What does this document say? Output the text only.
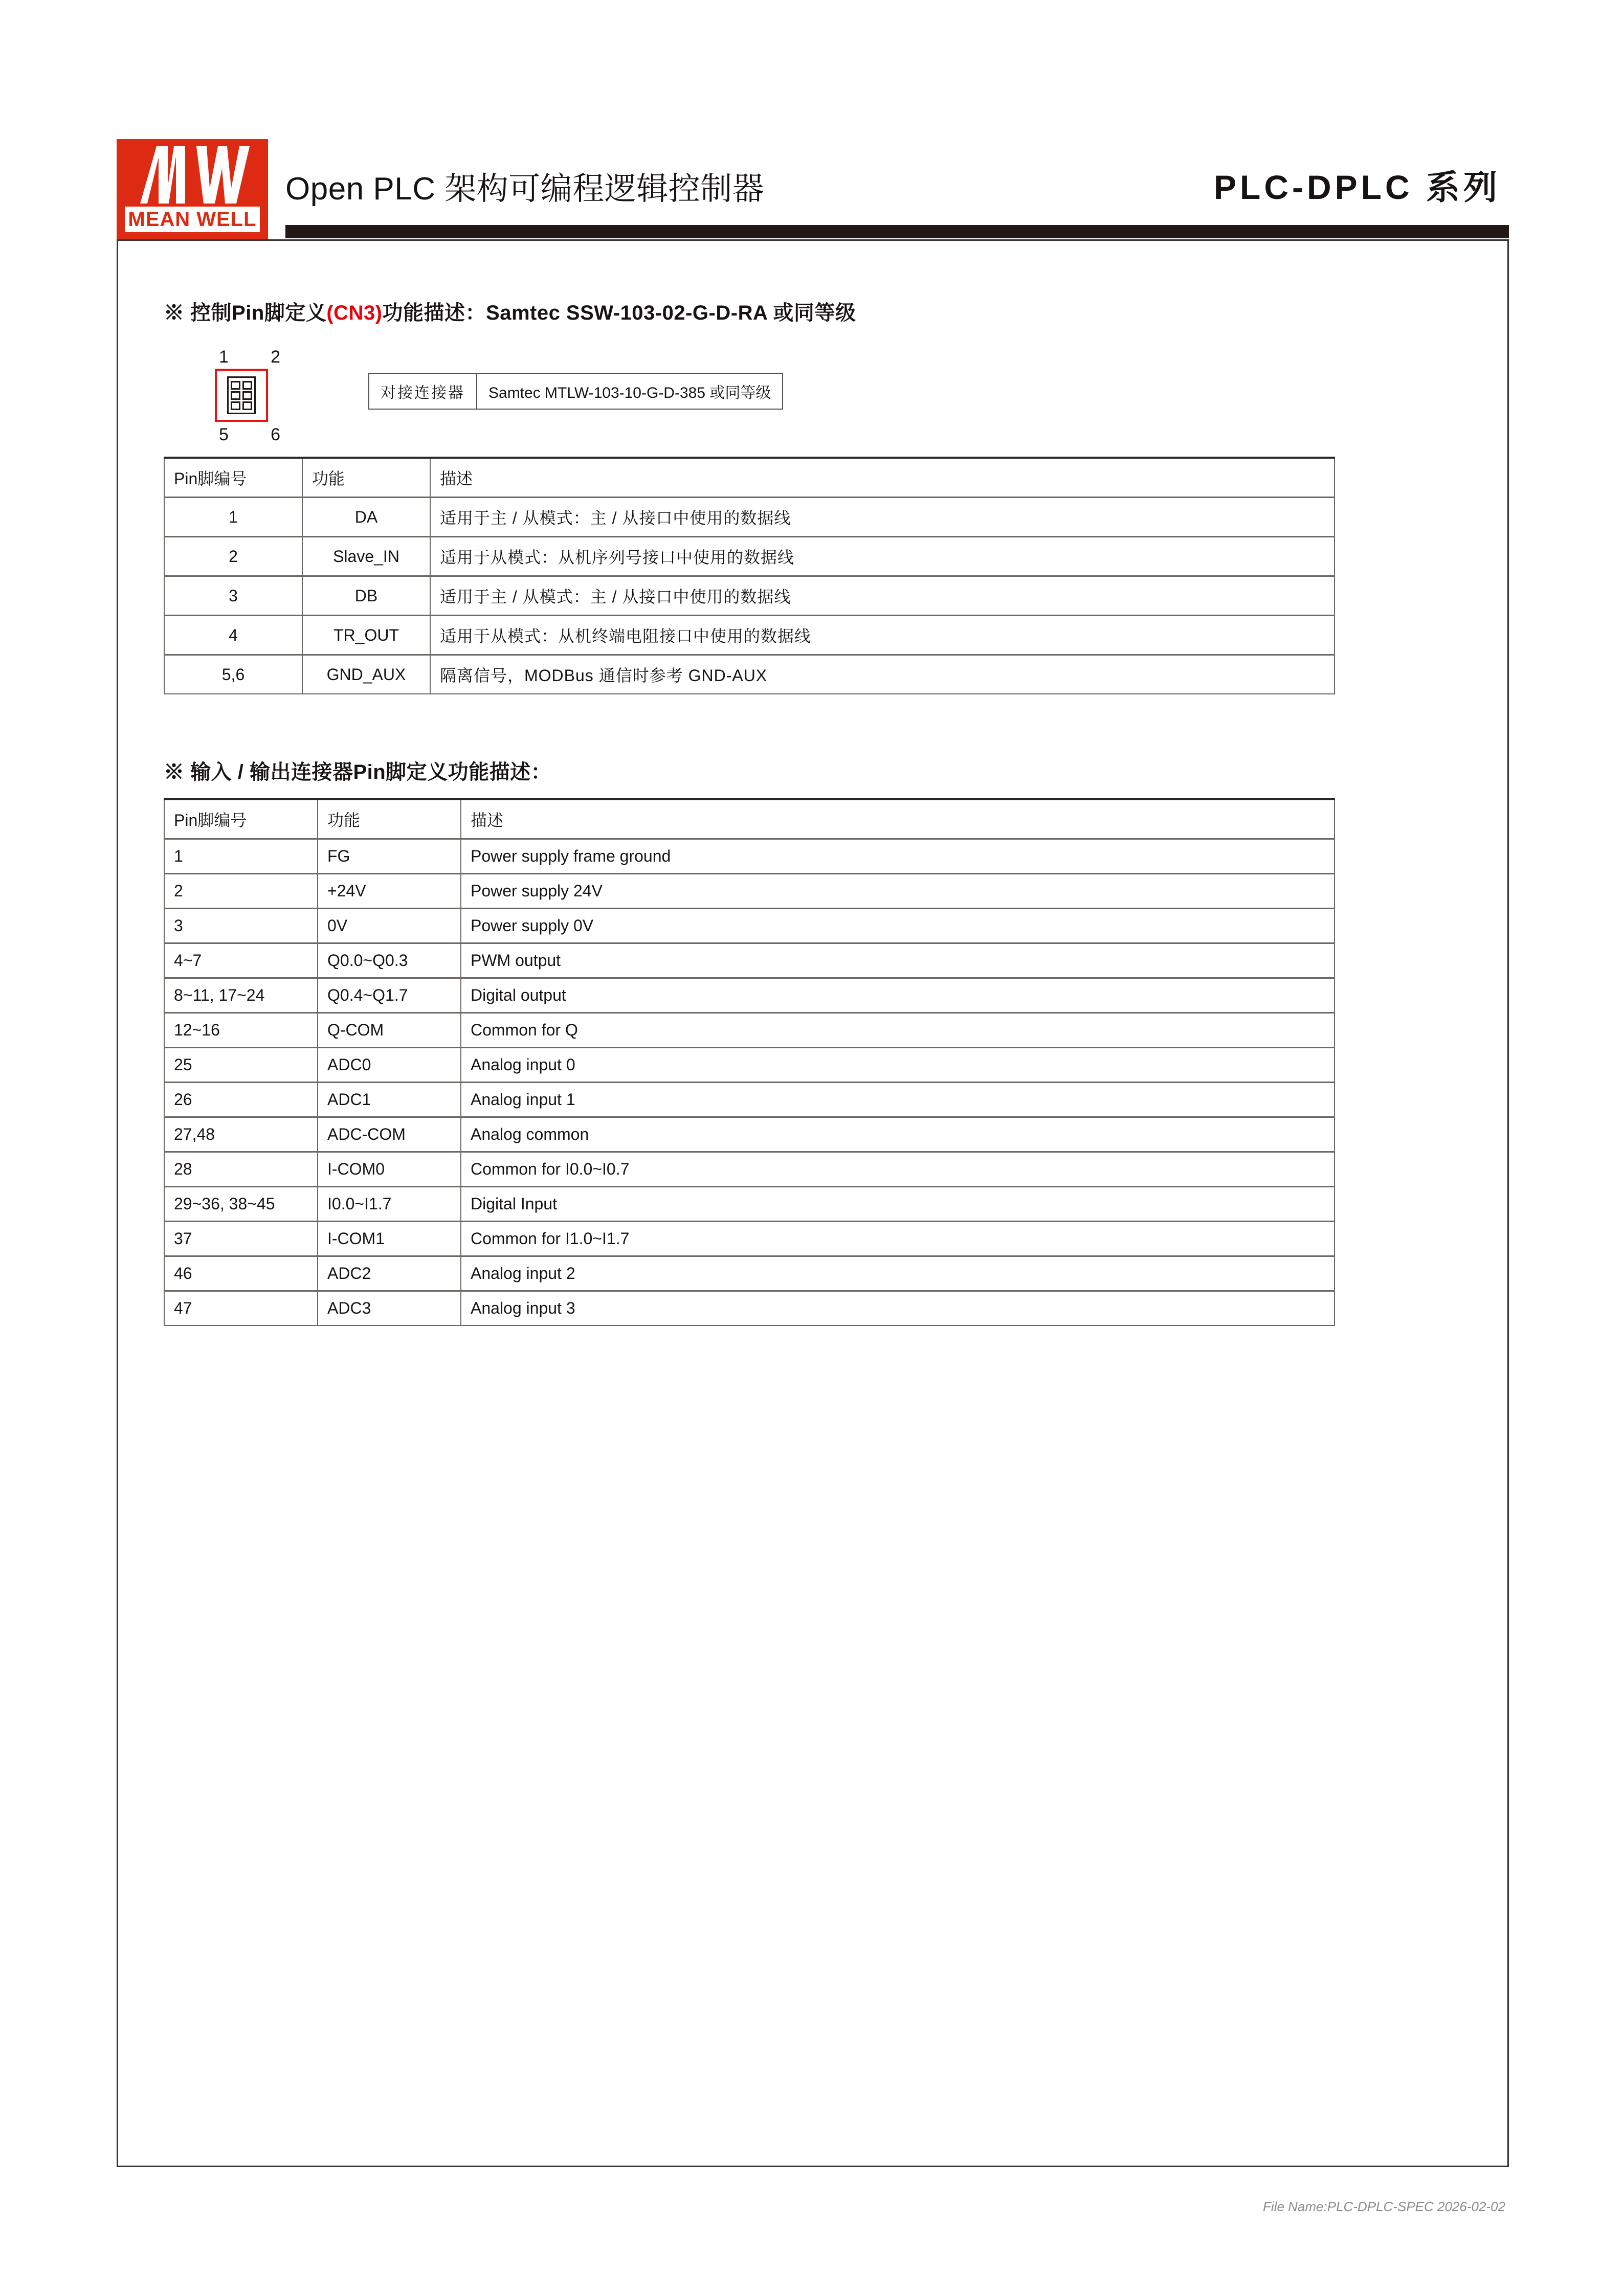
MEAN WELL
Open PLC 架构可编程逻辑控制器	PLC-DPLC 系列
※ 控制Pin脚定义(CN3)功能描述：Samtec SSW-103-02-G-D-RA 或同等级
1 2
5 6
对接连接器	Samtec MTLW-103-10-G-D-385 或同等级
Pin脚编号	功能	描述
1	DA	适用于主 / 从模式：主 / 从接口中使用的数据线
2	Slave_IN	适用于从模式：从机序列号接口中使用的数据线
3	DB	适用于主 / 从模式：主 / 从接口中使用的数据线
4	TR_OUT	适用于从模式：从机终端电阻接口中使用的数据线
5,6	GND_AUX	隔离信号，MODBus 通信时参考 GND-AUX
※ 输入 / 输出连接器Pin脚定义功能描述：
Pin脚编号	功能	描述
1	FG	Power supply frame ground
2	+24V	Power supply 24V
3	0V	Power supply 0V
4~7	Q0.0~Q0.3	PWM output
8~11, 17~24	Q0.4~Q1.7	Digital output
12~16	Q-COM	Common for Q
25	ADC0	Analog input 0
26	ADC1	Analog input 1
27,48	ADC-COM	Analog common
28	I-COM0	Common for I0.0~I0.7
29~36, 38~45	I0.0~I1.7	Digital Input
37	I-COM1	Common for I1.0~I1.7
46	ADC2	Analog input 2
47	ADC3	Analog input 3
File Name:PLC-DPLC-SPEC 2026-02-02
